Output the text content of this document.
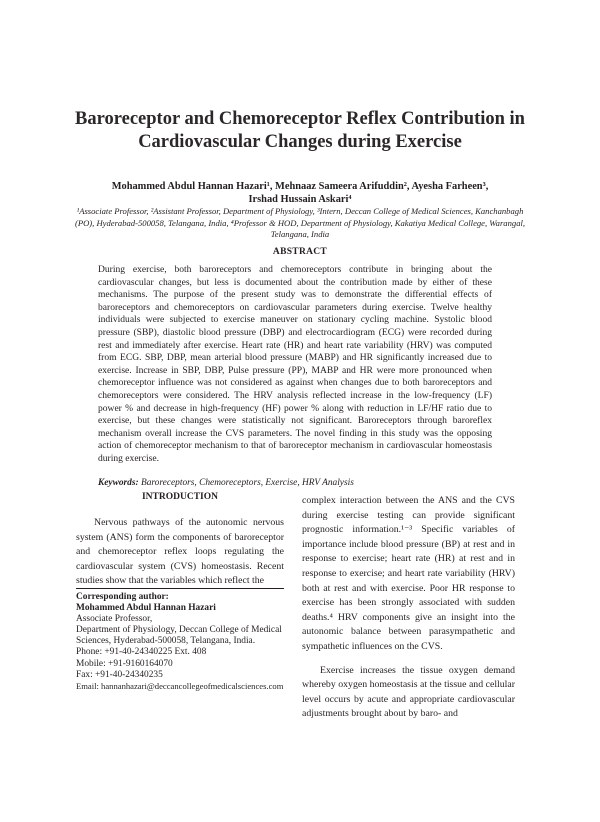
Baroreceptor and Chemoreceptor Reflex Contribution in Cardiovascular Changes during Exercise
Mohammed Abdul Hannan Hazari¹, Mehnaaz Sameera Arifuddin², Ayesha Farheen³,
Irshad Hussain Askari⁴
¹Associate Professor, ²Assistant Professor, Department of Physiology, ³Intern, Deccan College of Medical Sciences, Kanchanbagh (PO), Hyderabad-500058, Telangana, India, ⁴Professor & HOD, Department of Physiology, Kakatiya Medical College, Warangal, Telangana, India
ABSTRACT
During exercise, both baroreceptors and chemoreceptors contribute in bringing about the cardiovascular changes, but less is documented about the contribution made by either of these mechanisms. The purpose of the present study was to demonstrate the differential effects of baroreceptors and chemoreceptors on cardiovascular parameters during exercise. Twelve healthy individuals were subjected to exercise maneuver on stationary cycling machine. Systolic blood pressure (SBP), diastolic blood pressure (DBP) and electrocardiogram (ECG) were recorded during rest and immediately after exercise. Heart rate (HR) and heart rate variability (HRV) was computed from ECG. SBP, DBP, mean arterial blood pressure (MABP) and HR significantly increased due to exercise. Increase in SBP, DBP, Pulse pressure (PP), MABP and HR were more pronounced when chemoreceptor influence was not considered as against when changes due to both baroreceptors and chemoreceptors were considered. The HRV analysis reflected increase in the low-frequency (LF) power % and decrease in high-frequency (HF) power % along with reduction in LF/HF ratio due to exercise, but these changes were statistically not significant. Baroreceptors through baroreflex mechanism overall increase the CVS parameters. The novel finding in this study was the opposing action of chemoreceptor mechanism to that of baroreceptor mechanism in cardiovascular homeostasis during exercise.
Keywords: Baroreceptors, Chemoreceptors, Exercise, HRV Analysis
INTRODUCTION

Nervous pathways of the autonomic nervous system (ANS) form the components of baroreceptor and chemoreceptor reflex loops regulating the cardiovascular system (CVS) homeostasis. Recent studies show that the variables which reflect the

Corresponding author:
Mohammed Abdul Hannan Hazari
Associate Professor,
Department of Physiology, Deccan College of Medical
Sciences, Hyderabad-500058, Telangana, India.
Phone: +91-40-24340225 Ext. 408
Mobile: +91-9160164070
Fax: +91-40-24340235
Email: hannanhazari@deccancollegeofmedicalsciences.com

complex interaction between the ANS and the CVS during exercise testing can provide significant prognostic information.¹⁻³ Specific variables of importance include blood pressure (BP) at rest and in response to exercise; heart rate (HR) at rest and in response to exercise; and heart rate variability (HRV) both at rest and with exercise. Poor HR response to exercise has been strongly associated with sudden deaths.⁴ HRV components give an insight into the autonomic balance between parasympathetic and sympathetic influences on the CVS.

Exercise increases the tissue oxygen demand whereby oxygen homeostasis at the tissue and cellular level occurs by acute and appropriate cardiovascular adjustments brought about by baro- and
